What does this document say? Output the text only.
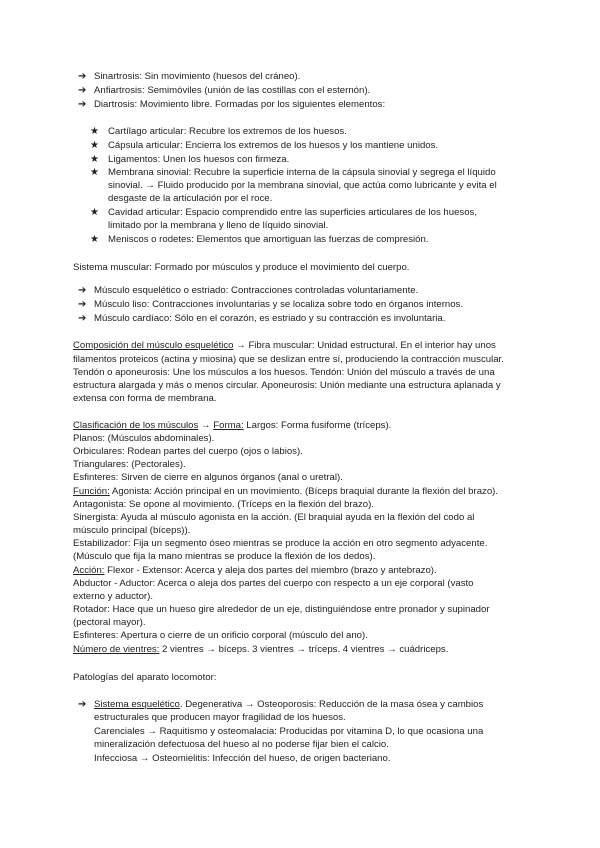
➔ Sinartrosis: Sin movimiento (huesos del cráneo).
➔ Anfiartrosis: Semimóviles (unión de las costillas con el esternón).
➔ Diartrosis: Movimiento libre. Formadas por los siguientes elementos:
★ Cartílago articular: Recubre los extremos de los huesos.
★ Cápsula articular: Encierra los extremos de los huesos y los mantiene unidos.
★ Ligamentos: Unen los huesos con firmeza.
★ Membrana sinovial: Recubre la superficie interna de la cápsula sinovial y segrega el líquido
sinovial. → Fluido producido por la membrana sinovial, que actúa como lubricante y evita el
desgaste de la articulación por el roce.
★ Cavidad articular: Espacio comprendido entre las superficies articulares de los huesos,
limitado por la membrana y lleno de líquido sinovial.
★ Meniscos o rodetes: Elementos que amortiguan las fuerzas de compresión.
Sistema muscular: Formado por músculos y produce el movimiento del cuerpo.
➔ Músculo esquelético o estriado: Contracciones controladas voluntariamente.
➔ Músculo liso: Contracciones involuntarias y se localiza sobre todo en órganos internos.
➔ Músculo cardíaco: Sólo en el corazón, es estriado y su contracción es involuntaria.
Composición del músculo esquelético → Fibra muscular: Unidad estructural. En el interior hay unos
filamentos proteicos (actina y miosina) que se deslizan entre sí, produciendo la contracción muscular.
Tendón o aponeurosis: Une los músculos a los huesos. Tendón: Unión del músculo a través de una
estructura alargada y más o menos circular. Aponeurosis: Unión mediante una estructura aplanada y
extensa con forma de membrana.
Clasificación de los músculos → Forma: Largos: Forma fusiforme (tríceps).
Planos: (Músculos abdominales).
Orbiculares: Rodean partes del cuerpo (ojos o labios).
Triangulares: (Pectorales).
Esfinteres: Sirven de cierre en algunos órganos (anal o uretral).
Función: Agonista: Acción principal en un movimiento. (Bíceps braquial durante la flexión del brazo).
Antagonista: Se opone al movimiento. (Tríceps en la flexión del brazo).
Sinergista: Ayuda al músculo agonista en la acción. (El braquial ayuda en la flexión del codo al
músculo principal (bíceps)).
Estabilizador: Fija un segmento óseo mientras se produce la acción en otro segmento adyacente.
(Músculo que fija la mano mientras se produce la flexión de los dedos).
Acción: Flexor - Extensor: Acerca y aleja dos partes del miembro (brazo y antebrazo).
Abductor - Aductor: Acerca o aleja dos partes del cuerpo con respecto a un eje corporal (vasto
externo y aductor).
Rotador: Hace que un hueso gire alrededor de un eje, distinguiéndose entre pronador y supinador
(pectoral mayor).
Esfinteres: Apertura o cierre de un orificio corporal (músculo del ano).
Número de vientres: 2 vientres → bíceps. 3 vientres → tríceps. 4 vientres → cuádriceps.
Patologías del aparato locomotor:
➔ Sistema esquelético. Degenerativa → Osteoporosis: Reducción de la masa ósea y cambios
estructurales que producen mayor fragilidad de los huesos.
Carenciales → Raquitismo y osteomalacia: Producidas por vitamina D, lo que ocasiona una
mineralización defectuosa del hueso al no poderse fijar bien el calcio.
Infecciosa → Osteomielitis: Infección del hueso, de origen bacteriano.
